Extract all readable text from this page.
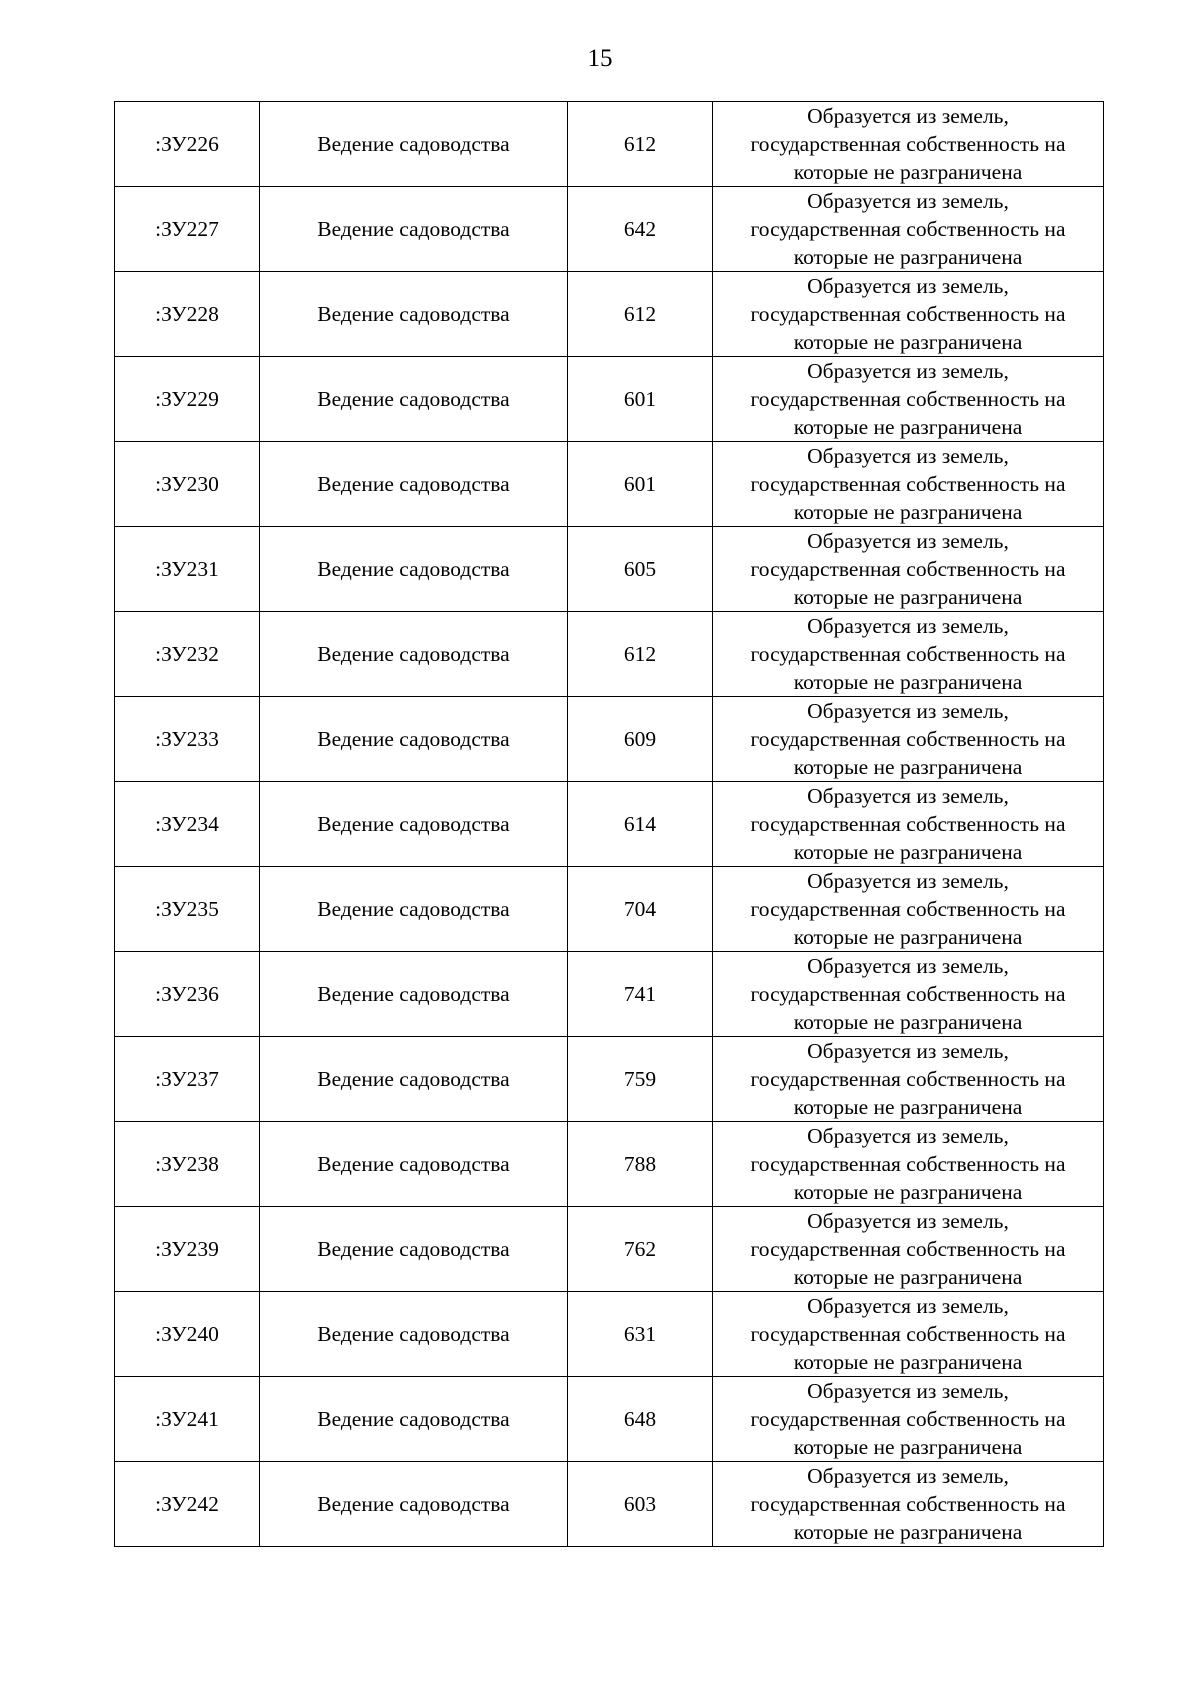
15
:ЗУ226	Ведение садоводства	612	Образуется из земель,
государственная собственность на
которые не разграничена

:ЗУ227	Ведение садоводства	642	Образуется из земель,
государственная собственность на
которые не разграничена

:ЗУ228	Ведение садоводства	612	Образуется из земель,
государственная собственность на
которые не разграничена

:ЗУ229	Ведение садоводства	601	Образуется из земель,
государственная собственность на
которые не разграничена

:ЗУ230	Ведение садоводства	601	Образуется из земель,
государственная собственность на
которые не разграничена

:ЗУ231	Ведение садоводства	605	Образуется из земель,
государственная собственность на
которые не разграничена

:ЗУ232	Ведение садоводства	612	Образуется из земель,
государственная собственность на
которые не разграничена

:ЗУ233	Ведение садоводства	609	Образуется из земель,
государственная собственность на
которые не разграничена

:ЗУ234	Ведение садоводства	614	Образуется из земель,
государственная собственность на
которые не разграничена

:ЗУ235	Ведение садоводства	704	Образуется из земель,
государственная собственность на
которые не разграничена

:ЗУ236	Ведение садоводства	741	Образуется из земель,
государственная собственность на
которые не разграничена

:ЗУ237	Ведение садоводства	759	Образуется из земель,
государственная собственность на
которые не разграничена

:ЗУ238	Ведение садоводства	788	Образуется из земель,
государственная собственность на
которые не разграничена

:ЗУ239	Ведение садоводства	762	Образуется из земель,
государственная собственность на
которые не разграничена

:ЗУ240	Ведение садоводства	631	Образуется из земель,
государственная собственность на
которые не разграничена

:ЗУ241	Ведение садоводства	648	Образуется из земель,
государственная собственность на
которые не разграничена

:ЗУ242	Ведение садоводства	603	Образуется из земель,
государственная собственность на
которые не разграничена
